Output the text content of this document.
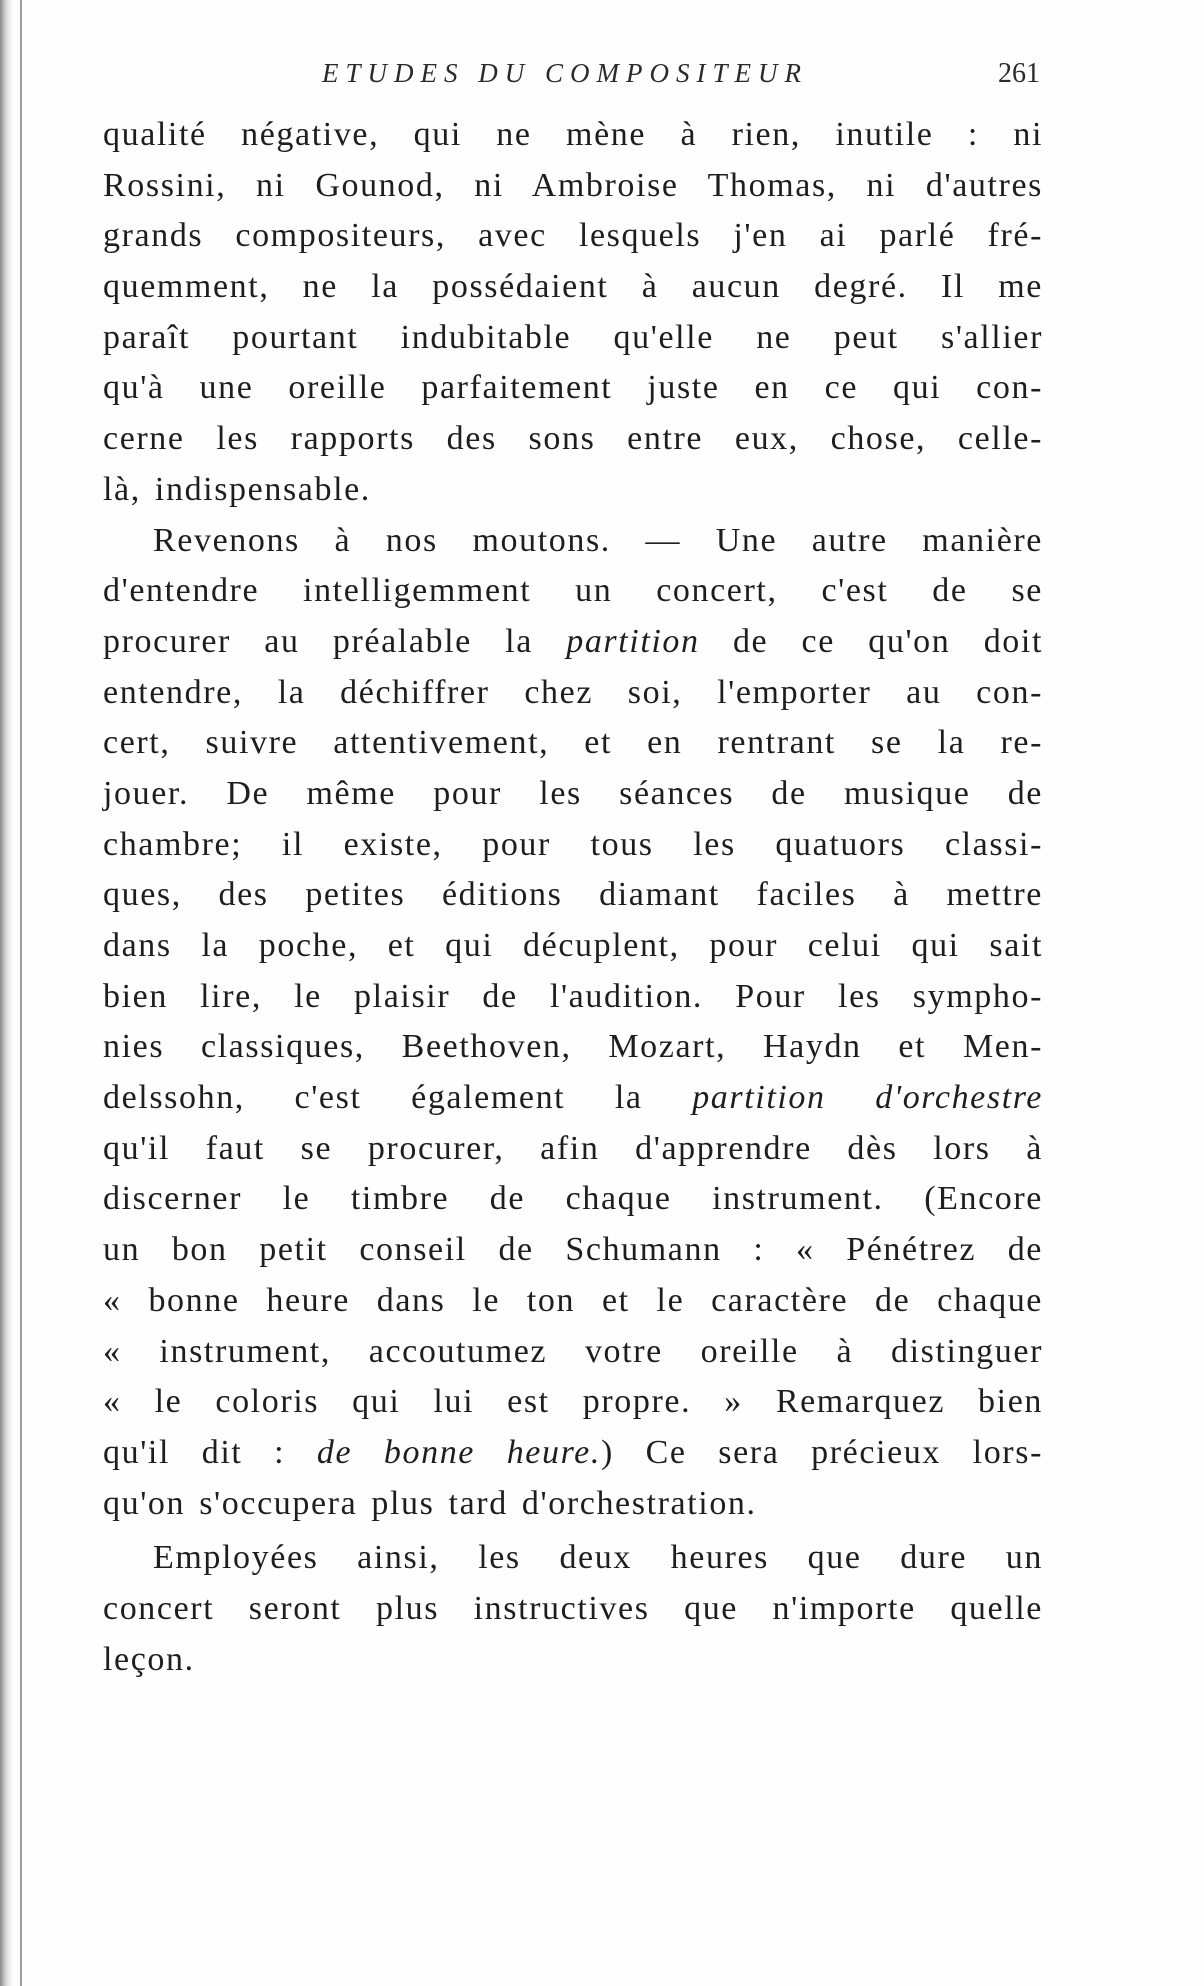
ETUDES DU COMPOSITEUR	261
qualité négative, qui ne mène à rien, inutile : ni
Rossini, ni Gounod, ni Ambroise Thomas, ni d'autres
grands compositeurs, avec lesquels j'en ai parlé fré-
quemment, ne la possédaient à aucun degré. Il me
paraît pourtant indubitable qu'elle ne peut s'allier
qu'à une oreille parfaitement juste en ce qui con-
cerne les rapports des sons entre eux, chose, celle-
là, indispensable.
Revenons à nos moutons. — Une autre manière
d'entendre intelligemment un concert, c'est de se
procurer au préalable la partition de ce qu'on doit
entendre, la déchiffrer chez soi, l'emporter au con-
cert, suivre attentivement, et en rentrant se la re-
jouer. De même pour les séances de musique de
chambre; il existe, pour tous les quatuors classi-
ques, des petites éditions diamant faciles à mettre
dans la poche, et qui décuplent, pour celui qui sait
bien lire, le plaisir de l'audition. Pour les sympho-
nies classiques, Beethoven, Mozart, Haydn et Men-
delssohn, c'est également la partition d'orchestre
qu'il faut se procurer, afin d'apprendre dès lors à
discerner le timbre de chaque instrument. (Encore
un bon petit conseil de Schumann : « Pénétrez de
« bonne heure dans le ton et le caractère de chaque
« instrument, accoutumez votre oreille à distinguer
« le coloris qui lui est propre. » Remarquez bien
qu'il dit : de bonne heure.) Ce sera précieux lors-
qu'on s'occupera plus tard d'orchestration.
Employées ainsi, les deux heures que dure un
concert seront plus instructives que n'importe quelle
leçon.
